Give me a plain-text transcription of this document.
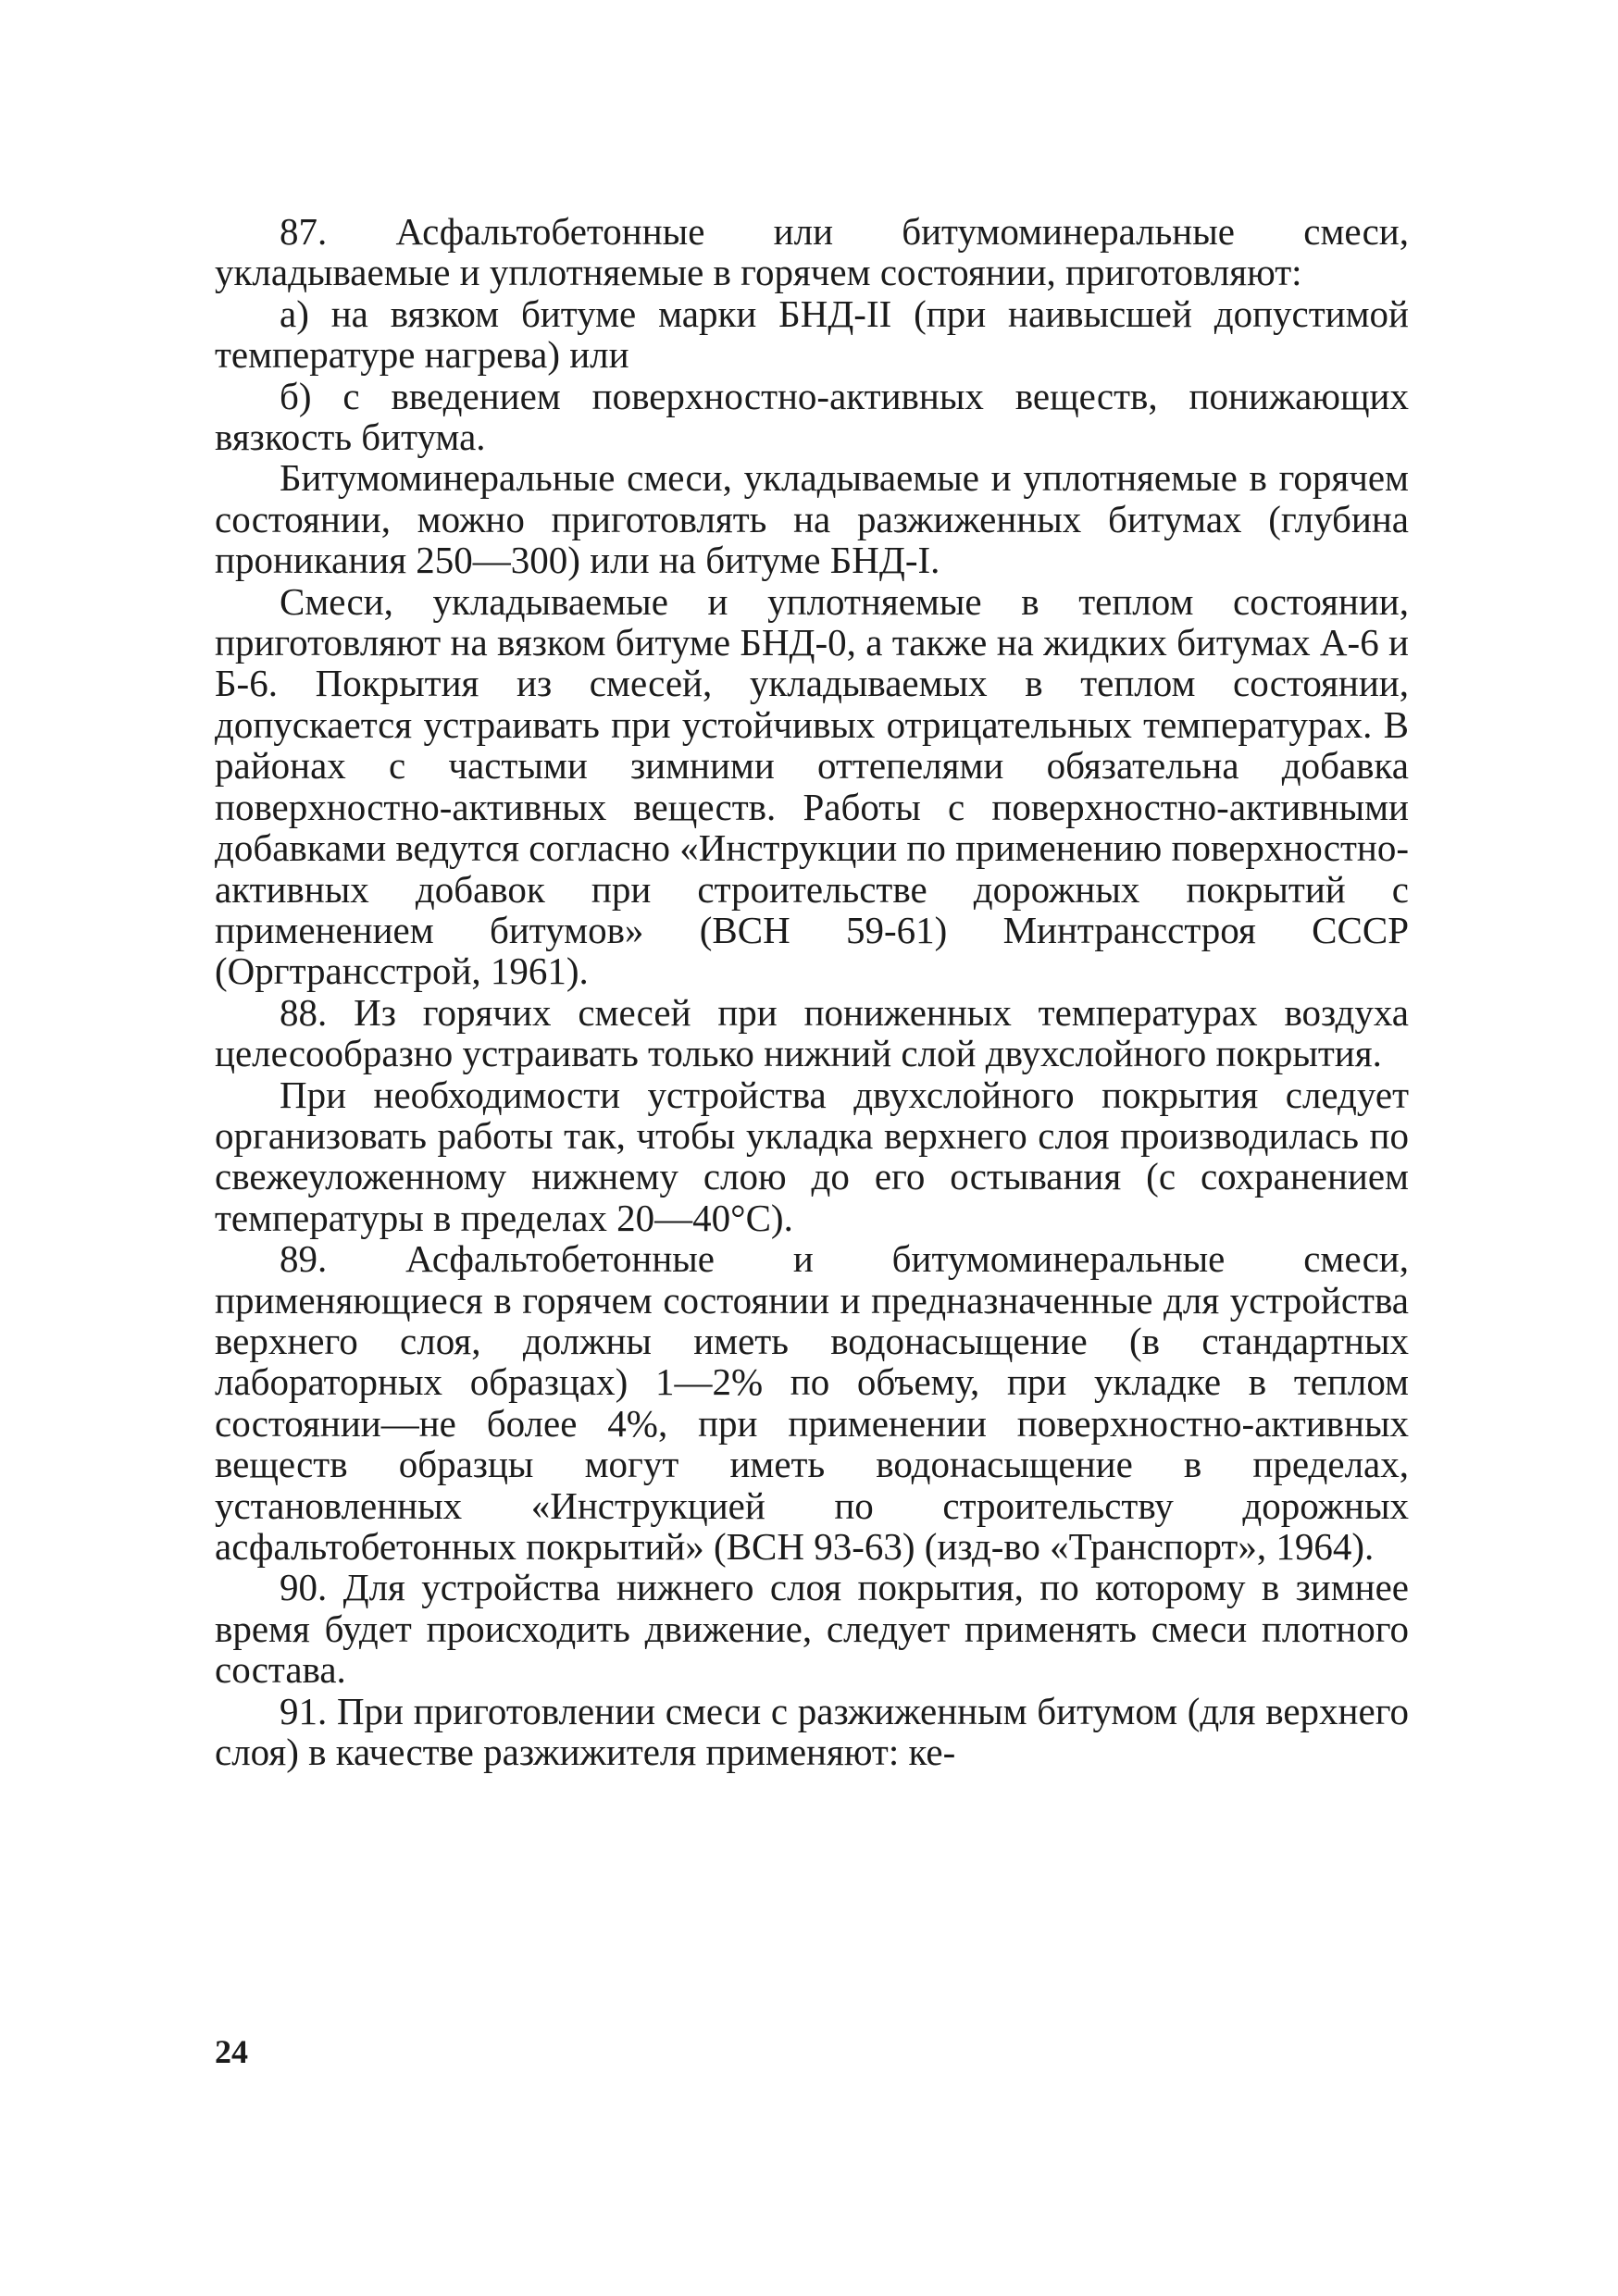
87. Асфальтобетонные или битумоминеральные смеси, укладываемые и уплотняемые в горячем состоянии, приготовляют:

а) на вязком битуме марки БНД-II (при наивысшей допустимой температуре нагрева) или

б) с введением поверхностно-активных веществ, понижающих вязкость битума.

Битумоминеральные смеси, укладываемые и уплотняемые в горячем состоянии, можно приготовлять на разжиженных битумах (глубина проникания 250—300) или на битуме БНД-I.

Смеси, укладываемые и уплотняемые в теплом состоянии, приготовляют на вязком битуме БНД-0, а также на жидких битумах А-6 и Б-6. Покрытия из смесей, укладываемых в теплом состоянии, допускается устраивать при устойчивых отрицательных температурах. В районах с частыми зимними оттепелями обязательна добавка поверхностно-активных веществ. Работы с поверхностно-активными добавками ведутся согласно «Инструкции по применению поверхностно-активных добавок при строительстве дорожных покрытий с применением битумов» (ВСН 59-61) Минтрансстроя СССР (Оргтрансстрой, 1961).

88. Из горячих смесей при пониженных температурах воздуха целесообразно устраивать только нижний слой двухслойного покрытия.

При необходимости устройства двухслойного покрытия следует организовать работы так, чтобы укладка верхнего слоя производилась по свежеуложенному нижнему слою до его остывания (с сохранением температуры в пределах 20—40°С).

89. Асфальтобетонные и битумоминеральные смеси, применяющиеся в горячем состоянии и предназначенные для устройства верхнего слоя, должны иметь водонасыщение (в стандартных лабораторных образцах) 1—2% по объему, при укладке в теплом состоянии—не более 4%, при применении поверхностно-активных веществ образцы могут иметь водонасыщение в пределах, установленных «Инструкцией по строительству дорожных асфальтобетонных покрытий» (ВСН 93-63) (изд-во «Транспорт», 1964).

90. Для устройства нижнего слоя покрытия, по которому в зимнее время будет происходить движение, следует применять смеси плотного состава.

91. При приготовлении смеси с разжиженным битумом (для верхнего слоя) в качестве разжижителя применяют: ке-

24
